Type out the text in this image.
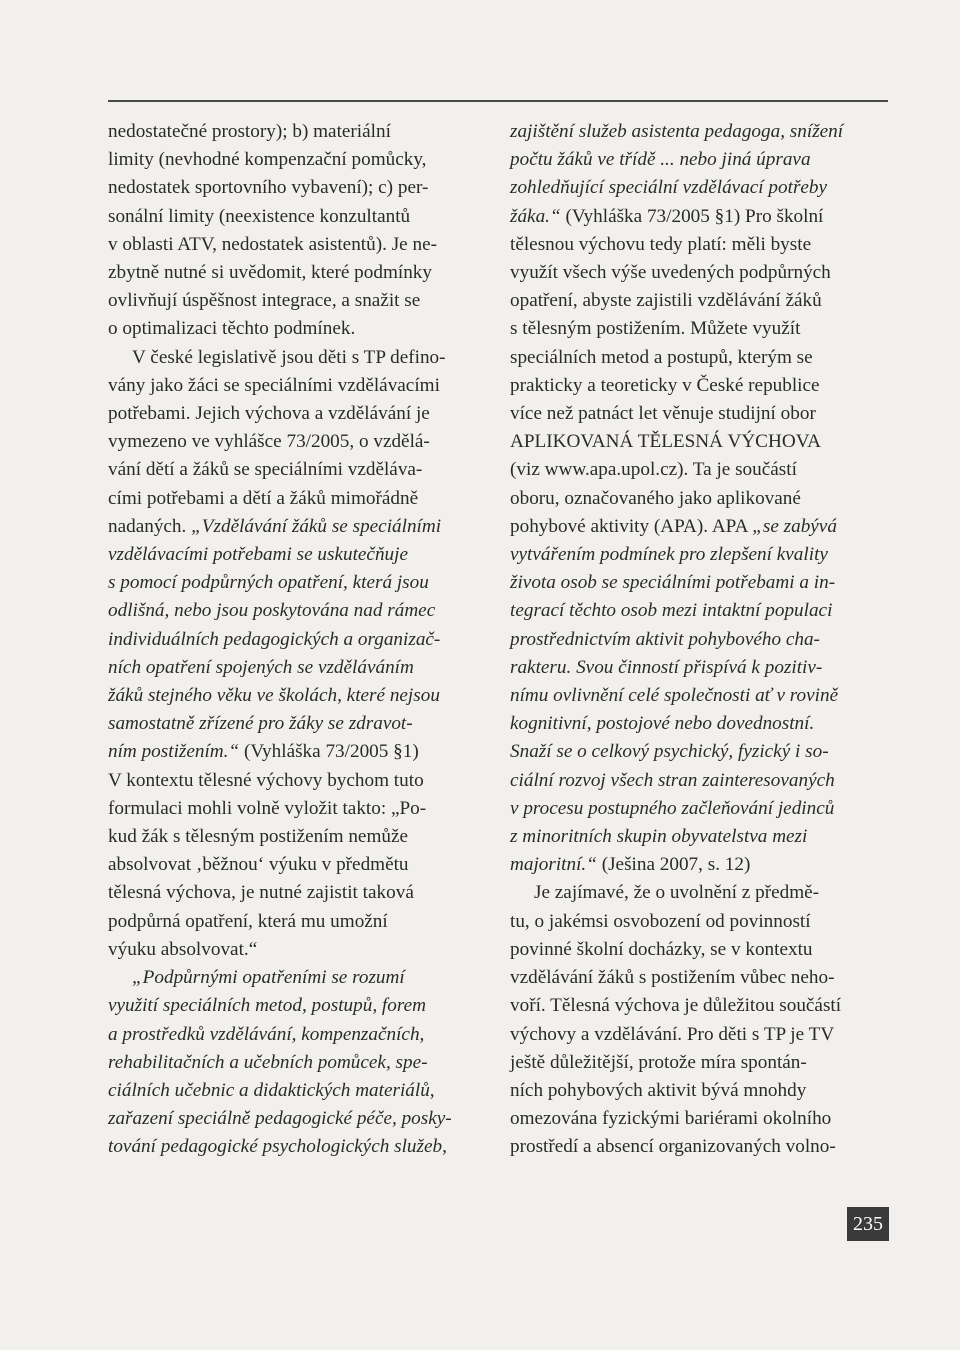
nedostatečné prostory); b) materiální
limity (nevhodné kompenzační pomůcky,
nedostatek sportovního vybavení); c) per-
sonální limity (neexistence konzultantů
v oblasti ATV, nedostatek asistentů). Je ne-
zbytně nutné si uvědomit, které podmínky
ovlivňují úspěšnost integrace, a snažit se
o optimalizaci těchto podmínek.
V české legislativě jsou děti s TP defino-
vány jako žáci se speciálními vzdělávacími
potřebami. Jejich výchova a vzdělávání je
vymezeno ve vyhlášce 73/2005, o vzdělá-
vání dětí a žáků se speciálními vzděláva-
cími potřebami a dětí a žáků mimořádně
nadaných. „Vzdělávání žáků se speciálními
vzdělávacími potřebami se uskutečňuje
s pomocí podpůrných opatření, která jsou
odlišná, nebo jsou poskytována nad rámec
individuálních pedagogických a organizač-
ních opatření spojených se vzděláváním
žáků stejného věku ve školách, které nejsou
samostatně zřízené pro žáky se zdravot-
ním postižením.“ (Vyhláška 73/2005 §1)
V kontextu tělesné výchovy bychom tuto
formulaci mohli volně vyložit takto: „Po-
kud žák s tělesným postižením nemůže
absolvovat ‚běžnou‘ výuku v předmětu
tělesná výchova, je nutné zajistit taková
podpůrná opatření, která mu umožní
výuku absolvovat.“
„Podpůrnými opatřeními se rozumí
využití speciálních metod, postupů, forem
a prostředků vzdělávání, kompenzačních,
rehabilitačních a učebních pomůcek, spe-
ciálních učebnic a didaktických materiálů,
zařazení speciálně pedagogické péče, posky-
tování pedagogické psychologických služeb,
zajištění služeb asistenta pedagoga, snížení
počtu žáků ve třídě ... nebo jiná úprava
zohledňující speciální vzdělávací potřeby
žáka.“ (Vyhláška 73/2005 §1) Pro školní
tělesnou výchovu tedy platí: měli byste
využít všech výše uvedených podpůrných
opatření, abyste zajistili vzdělávání žáků
s tělesným postižením. Můžete využít
speciálních metod a postupů, kterým se
prakticky a teoreticky v České republice
více než patnáct let věnuje studijní obor
APLIKOVANÁ TĚLESNÁ VÝCHOVA
(viz www.apa.upol.cz). Ta je součástí
oboru, označovaného jako aplikované
pohybové aktivity (APA). APA „se zabývá
vytvářením podmínek pro zlepšení kvality
života osob se speciálními potřebami a in-
tegrací těchto osob mezi intaktní populaci
prostřednictvím aktivit pohybového cha-
rakteru. Svou činností přispívá k pozitiv-
nímu ovlivnění celé společnosti ať v rovině
kognitivní, postojové nebo dovednostní.
Snaží se o celkový psychický, fyzický i so-
ciální rozvoj všech stran zainteresovaných
v procesu postupného začleňování jedinců
z minoritních skupin obyvatelstva mezi
majoritní.“ (Ješina 2007, s. 12)
Je zajímavé, že o uvolnění z předmě-
tu, o jakémsi osvobození od povinností
povinné školní docházky, se v kontextu
vzdělávání žáků s postižením vůbec neho-
voří. Tělesná výchova je důležitou součástí
výchovy a vzdělávání. Pro děti s TP je TV
ještě důležitější, protože míra spontán-
ních pohybových aktivit bývá mnohdy
omezována fyzickými bariérami okolního
prostředí a absencí organizovaných volno-
235
